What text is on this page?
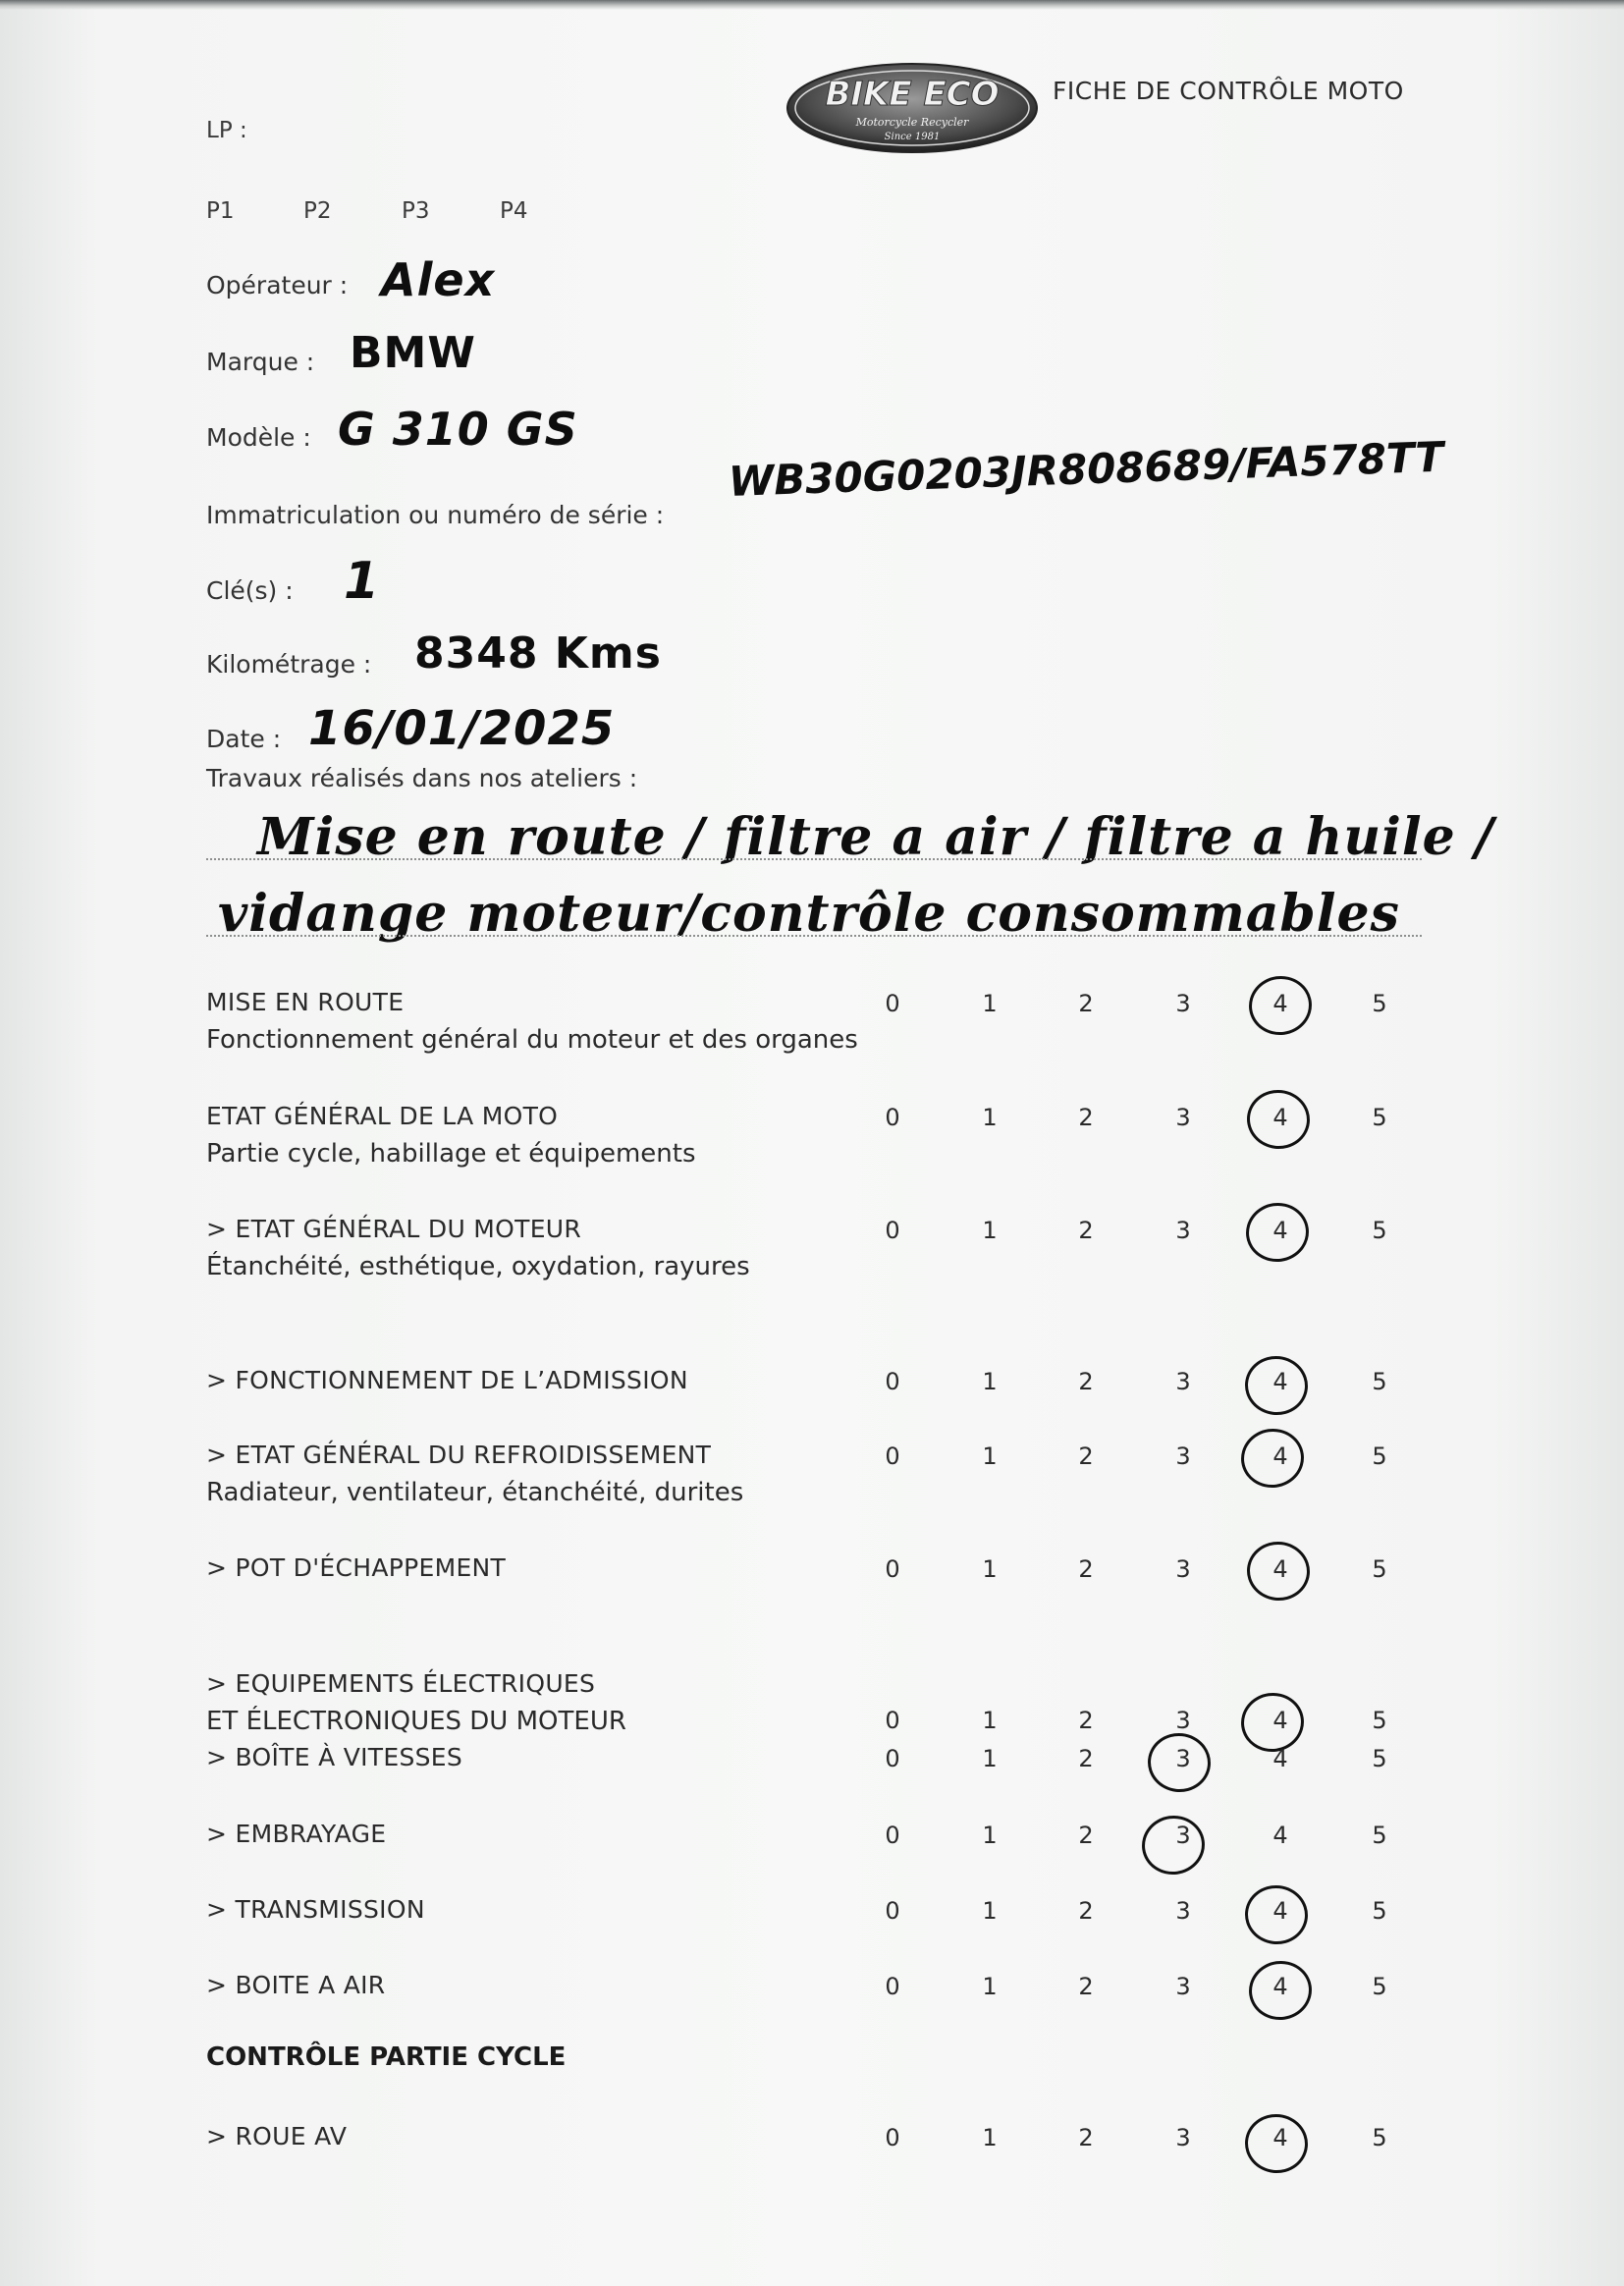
BIKE ECO
Motorcycle Recycler
Since 1981
FICHE DE CONTRÔLE MOTO
LP :
P1	P2	P3	P4
Opérateur : Alex
Marque : BMW
Modèle : G 310 GS
Immatriculation ou numéro de série :
WB30G0203JR808689/FA578TT
Clé(s) : 1
Kilométrage : 8348 Kms
Date : 16/01/2025
Travaux réalisés dans nos ateliers :
Mise en route / filtre a air / filtre a huile /
vidange moteur/contrôle consommables
MISE EN ROUTE
Fonctionnement général du moteur et des organes
0	1	2	3	4	5
ETAT GÉNÉRAL DE LA MOTO
Partie cycle, habillage et équipements
0	1	2	3	4	5
> ETAT GÉNÉRAL DU MOTEUR
Étanchéité, esthétique, oxydation, rayures
0	1	2	3	4	5
> FONCTIONNEMENT DE L’ADMISSION	0	1	2	3	4	5
> ETAT GÉNÉRAL DU REFROIDISSEMENT
Radiateur, ventilateur, étanchéité, durites
0	1	2	3	4	5
> POT D'ÉCHAPPEMENT	0	1	2	3	4	5
> EQUIPEMENTS ÉLECTRIQUES
ET ÉLECTRONIQUES DU MOTEUR	0	1	2	3	4	5
> BOÎTE À VITESSES	0	1	2	3	4	5
> EMBRAYAGE	0	1	2	3	4	5
> TRANSMISSION	0	1	2	3	4	5
> BOITE A AIR	0	1	2	3	4	5
> ROUE AV	0	1	2	3	4	5
CONTRÔLE PARTIE CYCLE
